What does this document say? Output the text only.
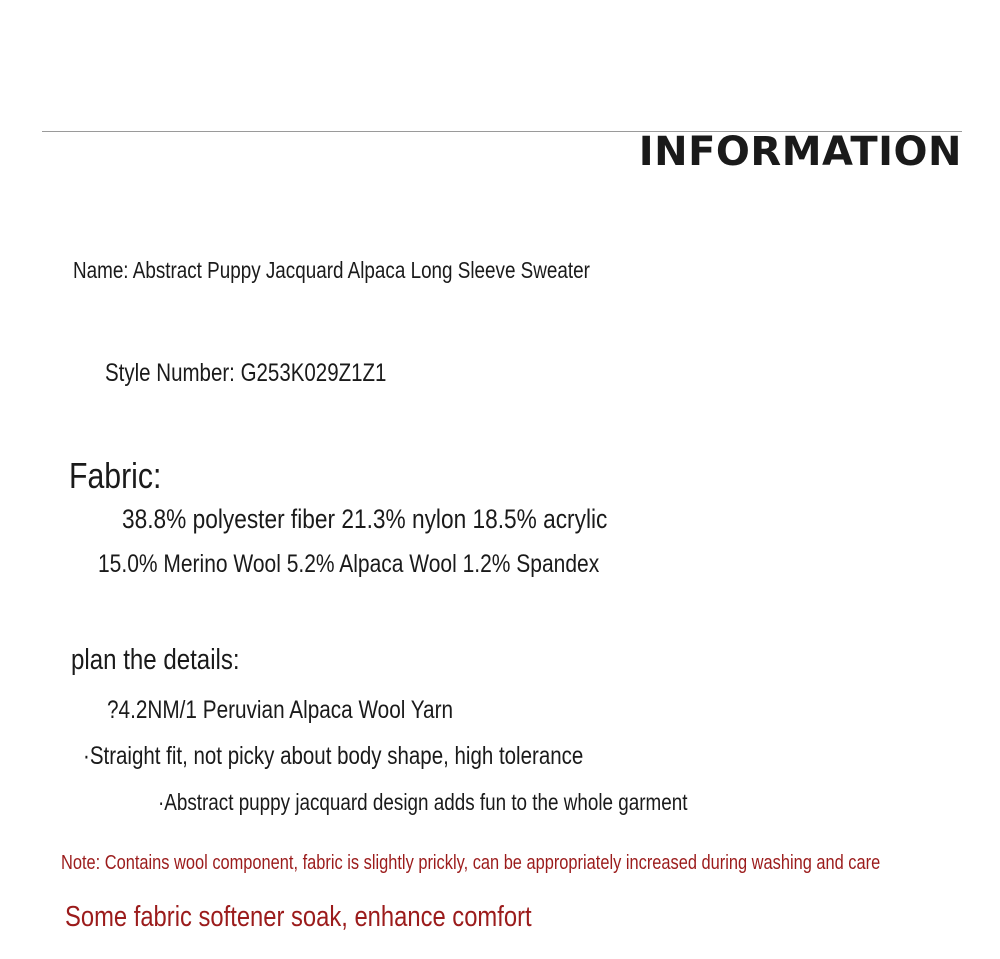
INFORMATION
Name: Abstract Puppy Jacquard Alpaca Long Sleeve Sweater
Style Number: G253K029Z1Z1
Fabric:
38.8% polyester fiber 21.3% nylon 18.5% acrylic
15.0% Merino Wool 5.2% Alpaca Wool 1.2% Spandex
plan the details:
?4.2NM/1 Peruvian Alpaca Wool Yarn
·Straight fit, not picky about body shape, high tolerance
·Abstract puppy jacquard design adds fun to the whole garment
Note: Contains wool component, fabric is slightly prickly, can be appropriately increased during washing and care
Some fabric softener soak, enhance comfort
